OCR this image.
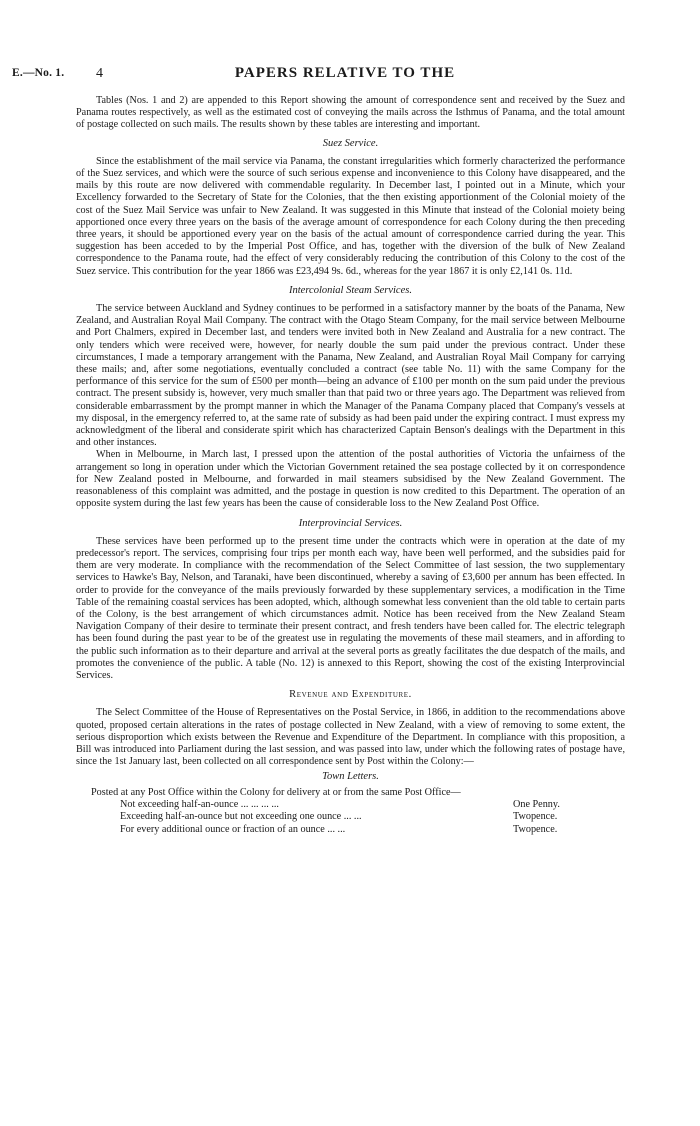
E.—No. 1. 4	PAPERS RELATIVE TO THE

Tables (Nos. 1 and 2) are appended to this Report showing the amount of correspondence sent and received by the Suez and Panama routes respectively, as well as the estimated cost of conveying the mails across the Isthmus of Panama, and the total amount of postage collected on such mails. The results shown by these tables are interesting and important.

Suez Service.

Since the establishment of the mail service via Panama, the constant irregularities which formerly characterized the performance of the Suez services, and which were the source of such serious expense and inconvenience to this Colony have disappeared, and the mails by this route are now delivered with commendable regularity. In December last, I pointed out in a Minute, which your Excellency forwarded to the Secretary of State for the Colonies, that the then existing apportionment of the Colonial moiety of the cost of the Suez Mail Service was unfair to New Zealand. It was suggested in this Minute that instead of the Colonial moiety being apportioned once every three years on the basis of the average amount of correspondence for each Colony during the then preceding three years, it should be apportioned every year on the basis of the actual amount of correspondence carried during the year. This suggestion has been acceded to by the Imperial Post Office, and has, together with the diversion of the bulk of New Zealand correspondence to the Panama route, had the effect of very considerably reducing the contribution of this Colony to the cost of the Suez service. This contribution for the year 1866 was £23,494 9s. 6d., whereas for the year 1867 it is only £2,141 0s. 11d.

Intercolonial Steam Services.

The service between Auckland and Sydney continues to be performed in a satisfactory manner by the boats of the Panama, New Zealand, and Australian Royal Mail Company. The contract with the Otago Steam Company, for the mail service between Melbourne and Port Chalmers, expired in December last, and tenders were invited both in New Zealand and Australia for a new contract. The only tenders which were received were, however, for nearly double the sum paid under the previous contract. Under these circumstances, I made a temporary arrangement with the Panama, New Zealand, and Australian Royal Mail Company for carrying these mails; and, after some negotiations, eventually concluded a contract (see table No. 11) with the same Company for the performance of this service for the sum of £500 per month—being an advance of £100 per month on the sum paid under the previous contract. The present subsidy is, however, very much smaller than that paid two or three years ago. The Department was relieved from considerable embarrassment by the prompt manner in which the Manager of the Panama Company placed that Company's vessels at my disposal, in the emergency referred to, at the same rate of subsidy as had been paid under the expiring contract. I must express my acknowledgment of the liberal and considerate spirit which has characterized Captain Benson's dealings with the Department in this and other instances.

When in Melbourne, in March last, I pressed upon the attention of the postal authorities of Victoria the unfairness of the arrangement so long in operation under which the Victorian Government retained the sea postage collected by it on correspondence for New Zealand posted in Melbourne, and forwarded in mail steamers subsidised by the New Zealand Government. The reasonableness of this complaint was admitted, and the postage in question is now credited to this Department. The operation of an opposite system during the last few years has been the cause of considerable loss to the New Zealand Post Office.

Interprovincial Services.

These services have been performed up to the present time under the contracts which were in operation at the date of my predecessor's report. The services, comprising four trips per month each way, have been well performed, and the subsidies paid for them are very moderate. In compliance with the recommendation of the Select Committee of last session, the two supplementary services to Hawke's Bay, Nelson, and Taranaki, have been discontinued, whereby a saving of £3,600 per annum has been effected. In order to provide for the conveyance of the mails previously forwarded by these supplementary services, a modification in the Time Table of the remaining coastal services has been adopted, which, although somewhat less convenient than the old table to certain parts of the Colony, is the best arrangement of which circumstances admit. Notice has been received from the New Zealand Steam Navigation Company of their desire to terminate their present contract, and fresh tenders have been called for. The electric telegraph has been found during the past year to be of the greatest use in regulating the movements of these mail steamers, and in affording to the public such information as to their departure and arrival at the several ports as greatly facilitates the due despatch of the mails, and promotes the convenience of the public. A table (No. 12) is annexed to this Report, showing the cost of the existing Interprovincial Services.

Revenue and Expenditure.

The Select Committee of the House of Representatives on the Postal Service, in 1866, in addition to the recommendations above quoted, proposed certain alterations in the rates of postage collected in New Zealand, with a view of removing to some extent, the serious disproportion which exists between the Revenue and Expenditure of the Department. In compliance with this proposition, a Bill was introduced into Parliament during the last session, and was passed into law, under which the following rates of postage have, since the 1st January last, been collected on all correspondence sent by Post within the Colony:—

Town Letters.
Posted at any Post Office within the Colony for delivery at or from the same Post Office—
Not exceeding half-an-ounce ... ... ... ...	One Penny.
Exceeding half-an-ounce but not exceeding one ounce ... ...	Twopence.
For every additional ounce or fraction of an ounce ... ...	Twopence.
